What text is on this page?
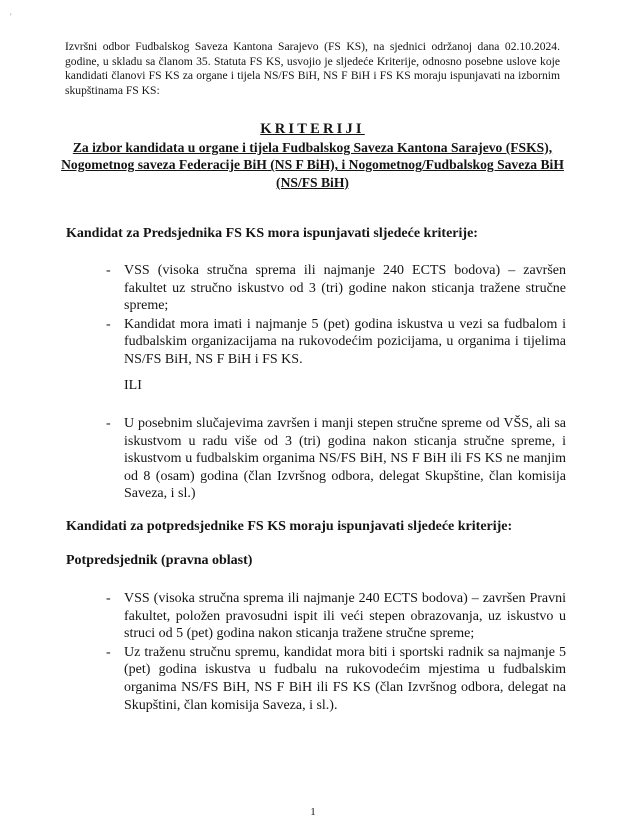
'

Izvršni odbor Fudbalskog Saveza Kantona Sarajevo (FS KS), na sjednici održanoj dana 02.10.2024. godine, u skladu sa članom 35. Statuta FS KS, usvojio je sljedeće Kriterije, odnosno posebne uslove koje kandidati članovi FS KS za organe i tijela NS/FS BiH, NS F BiH i FS KS moraju ispunjavati na izbornim skupštinama FS KS:

KRITERIJI
Za izbor kandidata u organe i tijela Fudbalskog Saveza Kantona Sarajevo (FSKS), Nogometnog saveza Federacije BiH (NS F BiH), i Nogometnog/Fudbalskog Saveza BiH (NS/FS BiH)

Kandidat za Predsjednika FS KS mora ispunjavati sljedeće kriterije:

- VSS (visoka stručna sprema ili najmanje 240 ECTS bodova) – završen fakultet uz stručno iskustvo od 3 (tri) godine nakon sticanja tražene stručne spreme;
- Kandidat mora imati i najmanje 5 (pet) godina iskustva u vezi sa fudbalom i fudbalskim organizacijama na rukovodećim pozicijama, u organima i tijelima NS/FS BiH, NS F BiH i FS KS.

ILI

- U posebnim slučajevima završen i manji stepen stručne spreme od VŠS, ali sa iskustvom u radu više od 3 (tri) godina nakon sticanja stručne spreme, i iskustvom u fudbalskim organima NS/FS BiH, NS F BiH ili FS KS ne manjim od 8 (osam) godina (član Izvršnog odbora, delegat Skupštine, član komisija Saveza, i sl.)

Kandidati za potpredsjednike FS KS moraju ispunjavati sljedeće kriterije:

Potpredsjednik (pravna oblast)

- VSS (visoka stručna sprema ili najmanje 240 ECTS bodova) – završen Pravni fakultet, položen pravosudni ispit ili veći stepen obrazovanja, uz iskustvo u struci od 5 (pet) godina nakon sticanja tražene stručne spreme;
- Uz traženu stručnu spremu, kandidat mora biti i sportski radnik sa najmanje 5 (pet) godina iskustva u fudbalu na rukovodećim mjestima u fudbalskim organima NS/FS BiH, NS F BiH ili FS KS (član Izvršnog odbora, delegat na Skupštini, član komisija Saveza, i sl.).

1
